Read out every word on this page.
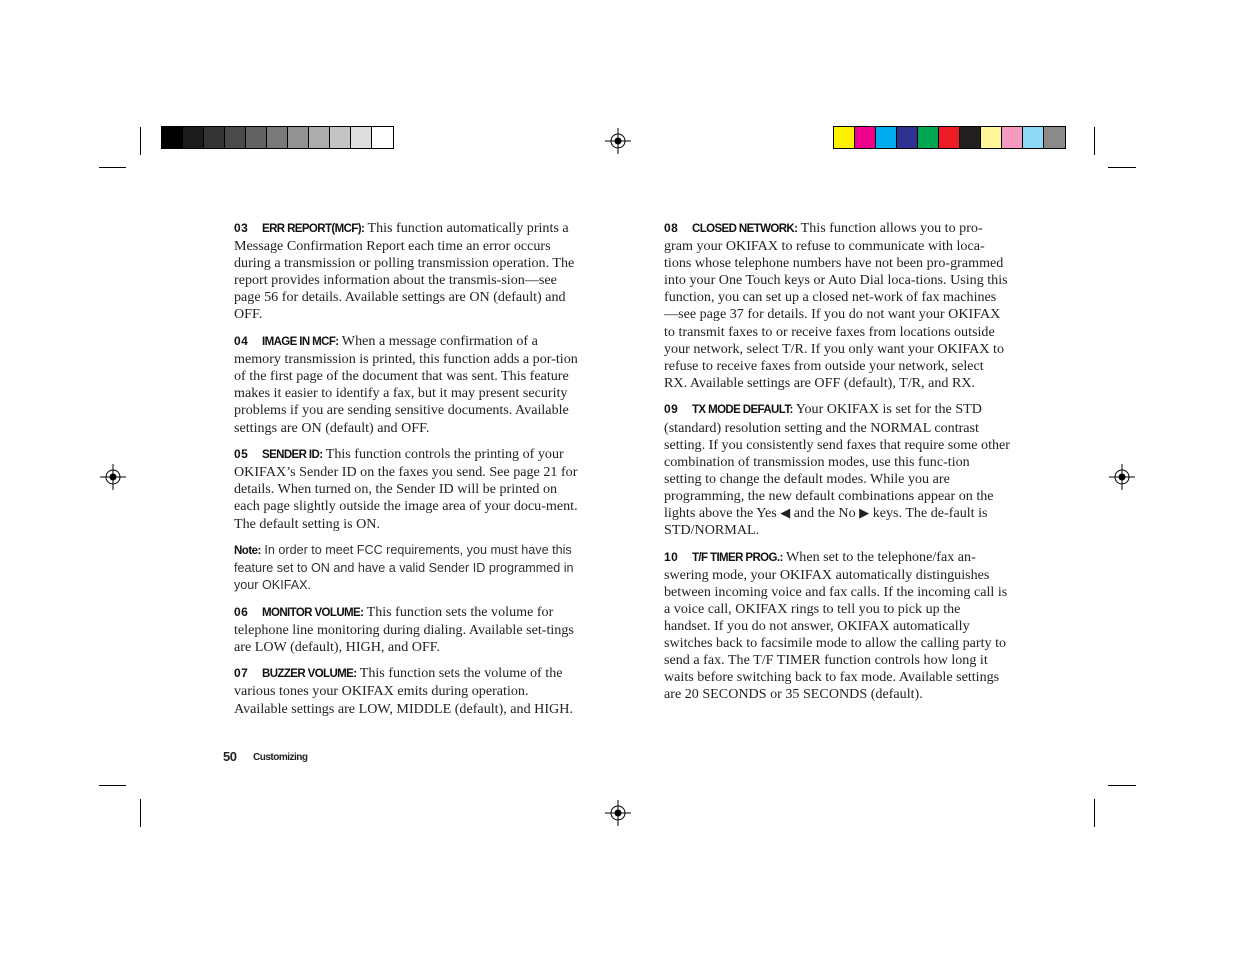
03 ERR REPORT(MCF): This function automatically prints a Message Confirmation Report each time an error occurs during a transmission or polling transmission operation. The report provides information about the transmis-sion—see page 56 for details. Available settings are ON (default) and OFF.

04 IMAGE IN MCF: When a message confirmation of a memory transmission is printed, this function adds a por-tion of the first page of the document that was sent. This feature makes it easier to identify a fax, but it may present security problems if you are sending sensitive documents. Available settings are ON (default) and OFF.

05 SENDER ID: This function controls the printing of your OKIFAX’s Sender ID on the faxes you send. See page 21 for details. When turned on, the Sender ID will be printed on each page slightly outside the image area of your docu-ment. The default setting is ON.

Note: In order to meet FCC requirements, you must have this feature set to ON and have a valid Sender ID programmed in your OKIFAX.

06 MONITOR VOLUME: This function sets the volume for telephone line monitoring during dialing. Available set-tings are LOW (default), HIGH, and OFF.

07 BUZZER VOLUME: This function sets the volume of the various tones your OKIFAX emits during operation. Available settings are LOW, MIDDLE (default), and HIGH.

08 CLOSED NETWORK: This function allows you to pro-gram your OKIFAX to refuse to communicate with loca-tions whose telephone numbers have not been pro-grammed into your One Touch keys or Auto Dial loca-tions. Using this function, you can set up a closed net-work of fax machines—see page 37 for details. If you do not want your OKIFAX to transmit faxes to or receive faxes from locations outside your network, select T/R. If you only want your OKIFAX to refuse to receive faxes from outside your network, select RX. Available settings are OFF (default), T/R, and RX.

09 TX MODE DEFAULT: Your OKIFAX is set for the STD (standard) resolution setting and the NORMAL contrast setting. If you consistently send faxes that require some other combination of transmission modes, use this func-tion setting to change the default modes. While you are programming, the new default combinations appear on the lights above the Yes ◀ and the No ▶ keys. The de-fault is STD/NORMAL.

10 T/F TIMER PROG.: When set to the telephone/fax an-swering mode, your OKIFAX automatically distinguishes between incoming voice and fax calls. If the incoming call is a voice call, OKIFAX rings to tell you to pick up the handset. If you do not answer, OKIFAX automatically switches back to facsimile mode to allow the calling party to send a fax. The T/F TIMER function controls how long it waits before switching back to fax mode. Available settings are 20 SECONDS or 35 SECONDS (default).

50 Customizing
